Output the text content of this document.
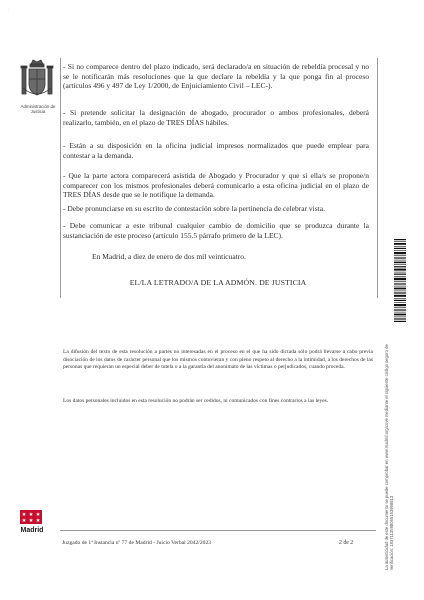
·
Administración de Justicia
- Si no comparece dentro del plazo indicado, será declarado/a en situación de rebeldía procesal y no se le notificarán más resoluciones que la que declare la rebeldía y la que ponga fin al proceso (artículos 496 y 497 de Ley 1/2000, de Enjuiciamiento Civil – LEC-).
- Si pretende solicitar la designación de abogado, procurador o ambos profesionales, deberá realizarlo, también, en el plazo de TRES DÍAS hábiles.
- Están a su disposición en la oficina judicial impresos normalizados que puede emplear para contestar a la demanda.
- Que la parte actora comparecerá asistida de Abogado y Procurador y que si ella/s se propone/n comparecer con los mismos profesionales deberá comunicarlo a esta oficina judicial en el plazo de TRES DÍAS desde que se le notifique la demanda.
- Debe pronunciarse en su escrito de contestación sobre la pertinencia de celebrar vista.
- Debe comunicar a este tribunal cualquier cambio de domicilio que se produzca durante la sustanciación de este proceso (artículo 155.5 párrafo primero de la LEC).
En Madrid, a diez de enero de dos mil veinticuatro.
EL/LA LETRADO/A DE LA ADMÓN. DE JUSTICIA
La difusión del texto de esta resolución a partes no interesadas en el proceso en el que ha sido dictada sólo podrá llevarse a cabo previa disociación de los datos de carácter personal que los mismos contuvieran y con pleno respeto al derecho a la intimidad, a los derechos de las personas que requieran un especial deber de tutela o a la garantía del anonimato de las víctimas o perjudicados, cuando proceda.
Los datos personales incluidos en esta resolución no podrán ser cedidos, ni comunicados con fines contrarios a las leyes.	La autenticidad de este documento se puede comprobar en www.madrid.org/cove mediante el siguiente código seguro de verificación: 1837113598065153998813
Madrid
Juzgado de 1ª Instancia nº 77 de Madrid - Juicio Verbal 2042/2023	2 de 2
